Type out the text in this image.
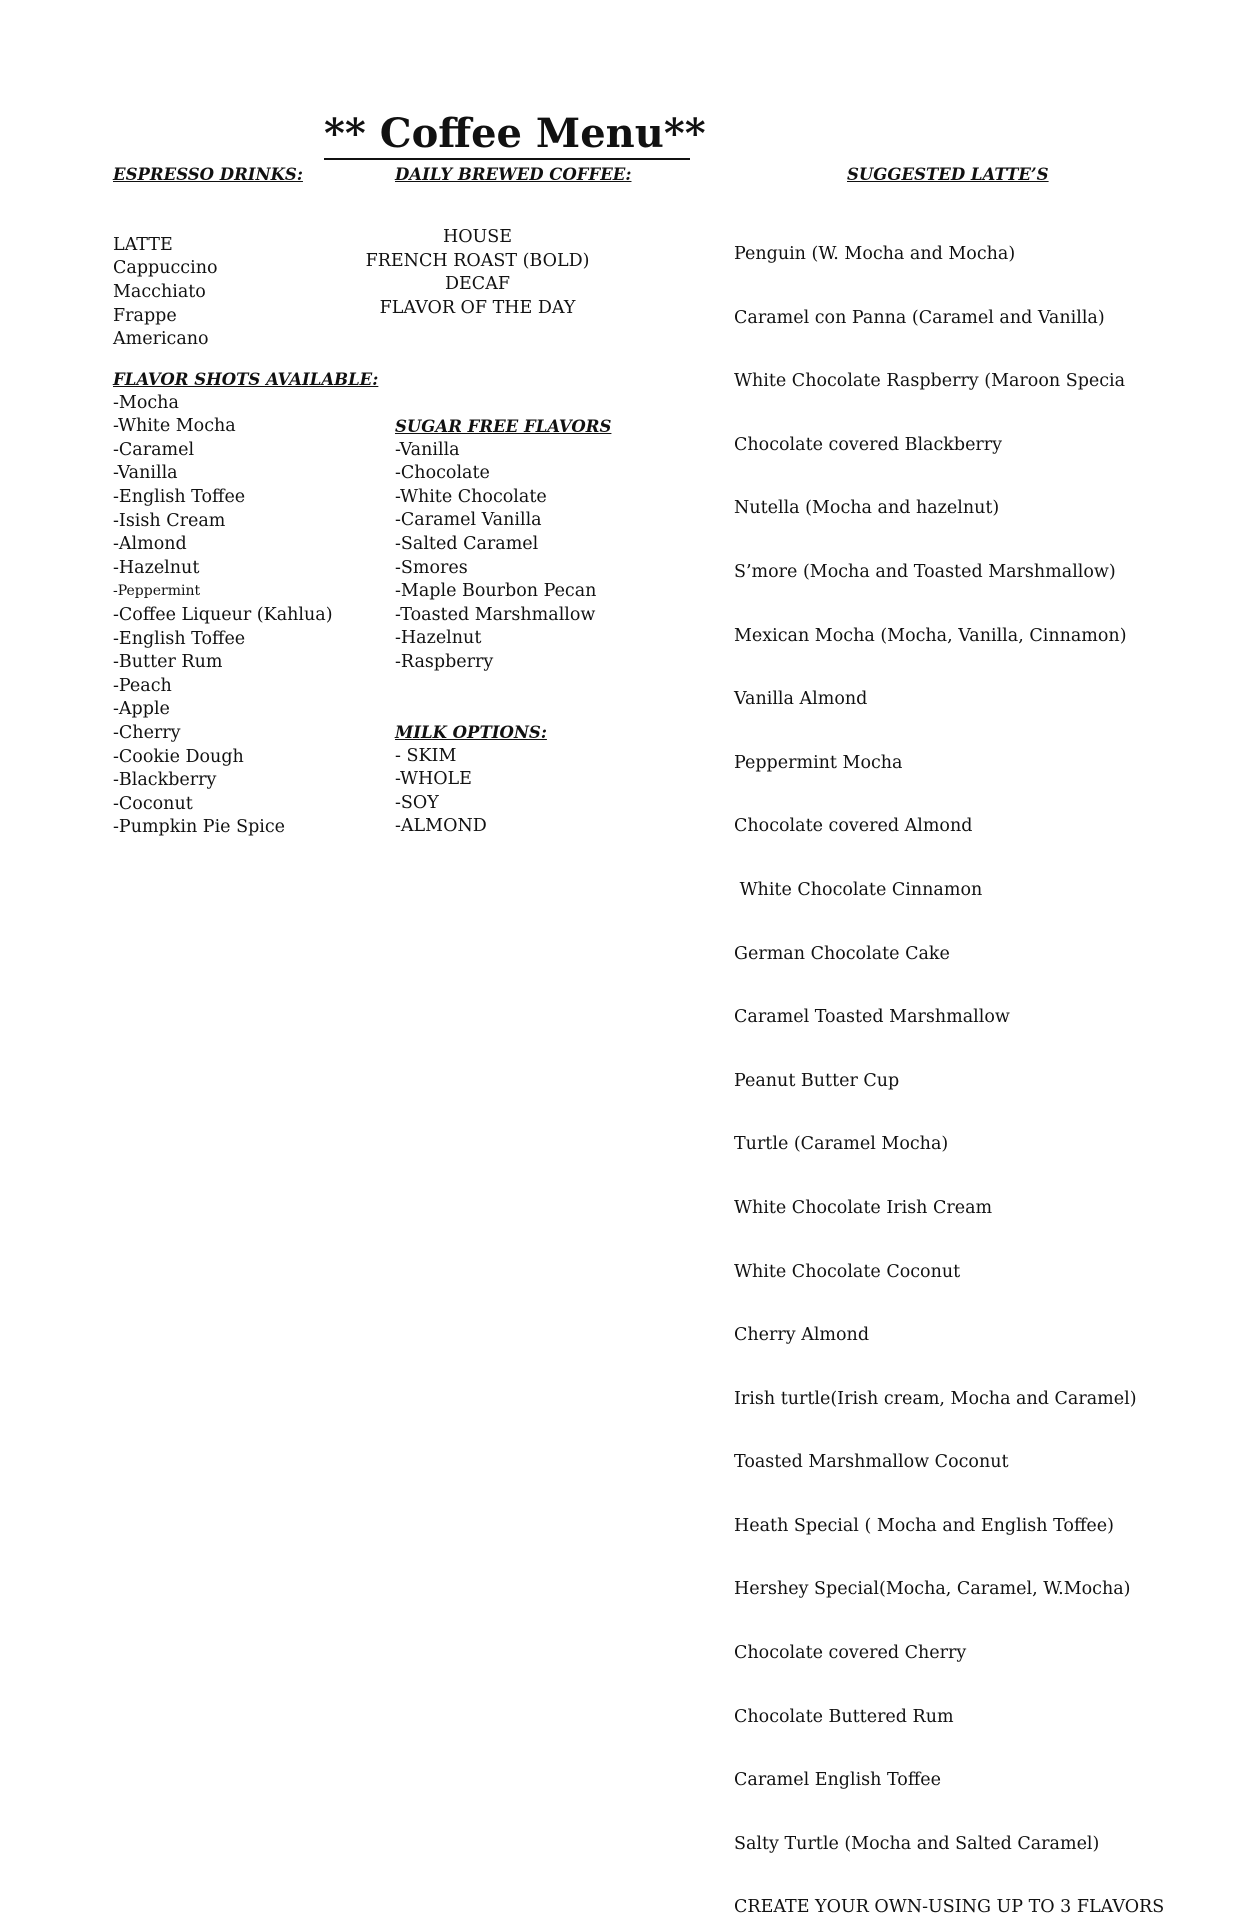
** Coffee Menu**
ESPRESSO DRINKS:
LATTE
Cappuccino
Macchiato
Frappe
Americano
FLAVOR SHOTS AVAILABLE:
-Mocha
-White Mocha
-Caramel
-Vanilla
-English Toffee
-Isish Cream
-Almond
-Hazelnut
-Peppermint
-Coffee Liqueur (Kahlua)
-English Toffee
-Butter Rum
-Peach
-Apple
-Cherry
-Cookie Dough
-Blackberry
-Coconut
-Pumpkin Pie Spice
DAILY BREWED COFFEE:
HOUSE
FRENCH ROAST (BOLD)
DECAF
FLAVOR OF THE DAY
SUGAR FREE FLAVORS
-Vanilla
-Chocolate
-White Chocolate
-Caramel Vanilla
-Salted Caramel
-Smores
-Maple Bourbon Pecan
-Toasted Marshmallow
-Hazelnut
-Raspberry
MILK OPTIONS:
- SKIM
-WHOLE
-SOY
-ALMOND
SUGGESTED LATTE’S

Penguin (W. Mocha and Mocha)

Caramel con Panna (Caramel and Vanilla)

White Chocolate Raspberry (Maroon Specia

Chocolate covered Blackberry

Nutella (Mocha and hazelnut)

S’more (Mocha and Toasted Marshmallow)

Mexican Mocha (Mocha, Vanilla, Cinnamon)

Vanilla Almond

Peppermint Mocha

Chocolate covered Almond

White Chocolate Cinnamon

German Chocolate Cake

Caramel Toasted Marshmallow

Peanut Butter Cup

Turtle (Caramel Mocha)

White Chocolate Irish Cream

White Chocolate Coconut

Cherry Almond

Irish turtle(Irish cream, Mocha and Caramel)

Toasted Marshmallow Coconut

Heath Special ( Mocha and English Toffee)

Hershey Special(Mocha, Caramel, W.Mocha)

Chocolate covered Cherry

Chocolate Buttered Rum

Caramel English Toffee

Salty Turtle (Mocha and Salted Caramel)

CREATE YOUR OWN-USING UP TO 3 FLAVORS
